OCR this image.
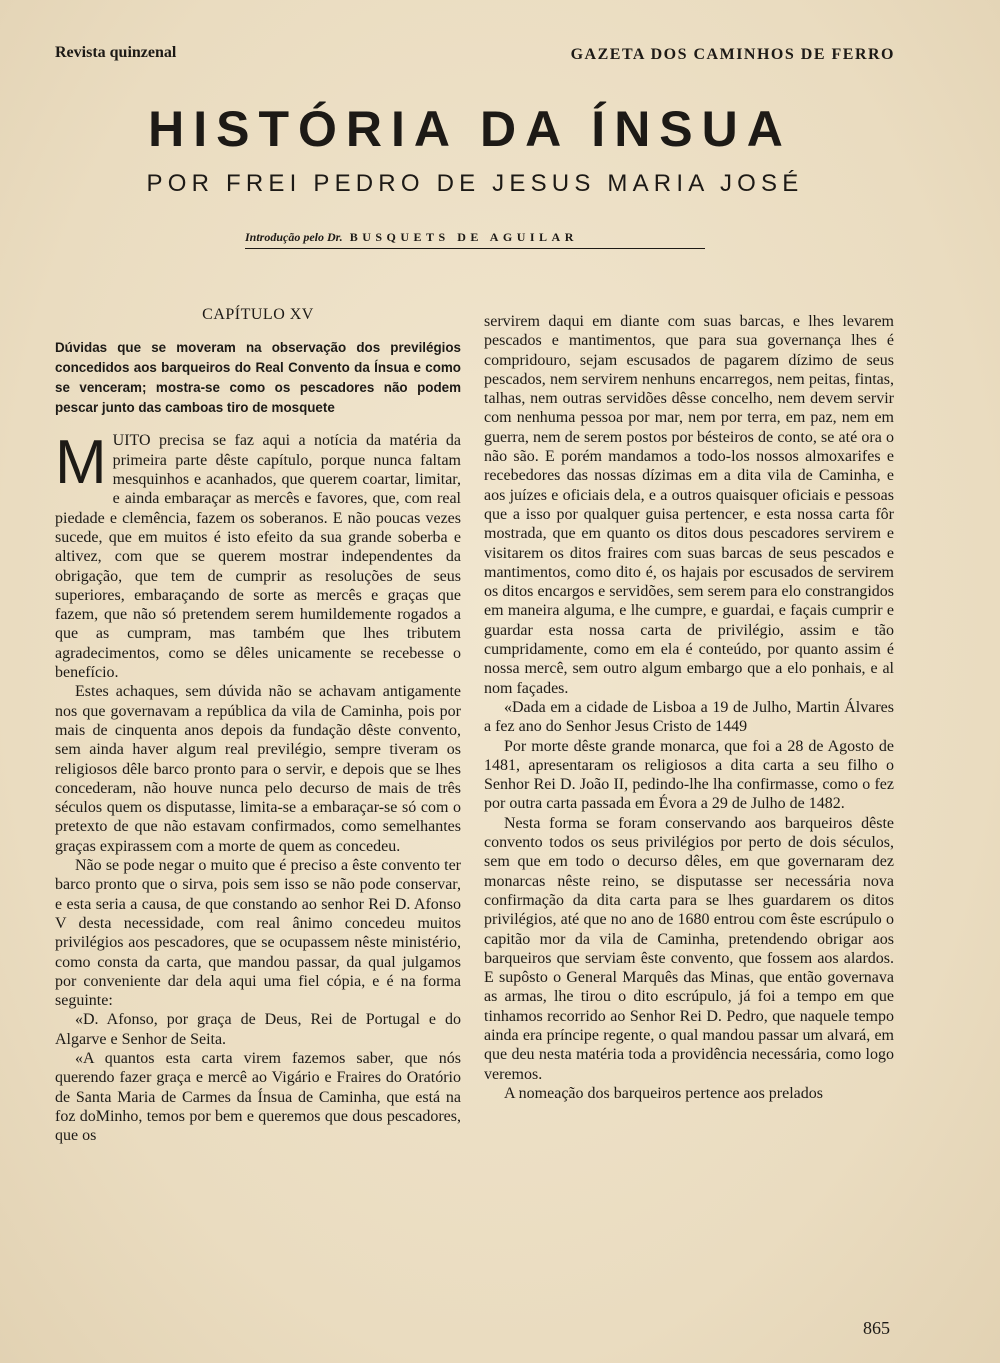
Revista quinzenal	GAZETA DOS CAMINHOS DE FERRO
HISTÓRIA DA ÍNSUA
POR FREI PEDRO DE JESUS MARIA JOSÉ
Introdução pelo Dr. BUSQUETS DE AGUILAR
CAPÍTULO XV
Dúvidas que se moveram na observação dos previlégios concedidos aos barqueiros do Real Convento da Ínsua e como se venceram; mostra-se como os pescadores não podem pescar junto das camboas tiro de mosquete

MUITO precisa se faz aqui a notícia da matéria da primeira parte dêste capítulo, porque nunca faltam mesquinhos e acanhados, que querem coartar, limitar, e ainda embaraçar as mercês e favores, que, com real piedade e clemência, fazem os soberanos. E não poucas vezes sucede, que em muitos é isto efeito da sua grande soberba e altivez, com que se querem mostrar independentes da obrigação, que tem de cumprir as resoluções de seus superiores, embaraçando de sorte as mercês e graças que fazem, que não só pretendem serem humildemente rogados a que as cumpram, mas também que lhes tributem agradecimentos, como se dêles unicamente se recebesse o benefício.

Estes achaques, sem dúvida não se achavam antigamente nos que governavam a república da vila de Caminha, pois por mais de cinquenta anos depois da fundação dêste convento, sem ainda haver algum real previlégio, sempre tiveram os religiosos dêle barco pronto para o servir, e depois que se lhes concederam, não houve nunca pelo decurso de mais de três séculos quem os disputasse, limita-se a embaraçar-se só com o pretexto de que não estavam confirmados, como semelhantes graças expirassem com a morte de quem as concedeu.

Não se pode negar o muito que é preciso a êste convento ter barco pronto que o sirva, pois sem isso se não pode conservar, e esta seria a causa, de que constando ao senhor Rei D. Afonso V desta necessidade, com real ânimo concedeu muitos privilégios aos pescadores, que se ocupassem nêste ministério, como consta da carta, que mandou passar, da qual julgamos por conveniente dar dela aqui uma fiel cópia, e é na forma seguinte:

«D. Afonso, por graça de Deus, Rei de Portugal e do Algarve e Senhor de Seita.

«A quantos esta carta virem fazemos saber, que nós querendo fazer graça e mercê ao Vigário e Fraires do Oratório de Santa Maria de Carmes da Ínsua de Caminha, que está na foz doMinho, temos por bem e queremos que dous pescadores, que os

servirem daqui em diante com suas barcas, e lhes levarem pescados e mantimentos, que para sua governança lhes é compridouro, sejam escusados de pagarem dízimo de seus pescados, nem servirem nenhuns encarregos, nem peitas, fintas, talhas, nem outras servidões dêsse concelho, nem devem servir com nenhuma pessoa por mar, nem por terra, em paz, nem em guerra, nem de serem postos por bésteiros de conto, se até ora o não são. E porém mandamos a todo-los nossos almoxarifes e recebedores das nossas dízimas em a dita vila de Caminha, e aos juízes e oficiais dela, e a outros quaisquer oficiais e pessoas que a isso por qualquer guisa pertencer, e esta nossa carta fôr mostrada, que em quanto os ditos dous pescadores servirem e visitarem os ditos fraires com suas barcas de seus pescados e mantimentos, como dito é, os hajais por escusados de servirem os ditos encargos e servidões, sem serem para elo constrangidos em maneira alguma, e lhe cumpre, e guardai, e façais cumprir e guardar esta nossa carta de privilégio, assim e tão cumpridamente, como em ela é conteúdo, por quanto assim é nossa mercê, sem outro algum embargo que a elo ponhais, e al nom façades.

«Dada em a cidade de Lisboa a 19 de Julho, Martin Álvares a fez ano do Senhor Jesus Cristo de 1449

Por morte dêste grande monarca, que foi a 28 de Agosto de 1481, apresentaram os religiosos a dita carta a seu filho o Senhor Rei D. João II, pedindo-lhe lha confirmasse, como o fez por outra carta passada em Évora a 29 de Julho de 1482.

Nesta forma se foram conservando aos barqueiros dêste convento todos os seus privilégios por perto de dois séculos, sem que em todo o decurso dêles, em que governaram dez monarcas nêste reino, se disputasse ser necessária nova confirmação da dita carta para se lhes guardarem os ditos privilégios, até que no ano de 1680 entrou com êste escrúpulo o capitão mor da vila de Caminha, pretendendo obrigar aos barqueiros que serviam êste convento, que fossem aos alardos. E supôsto o General Marquês das Minas, que então governava as armas, lhe tirou o dito escrúpulo, já foi a tempo em que tinhamos recorrido ao Senhor Rei D. Pedro, que naquele tempo ainda era príncipe regente, o qual mandou passar um alvará, em que deu nesta matéria toda a providência necessária, como logo veremos.

A nomeação dos barqueiros pertence aos prelados

865
